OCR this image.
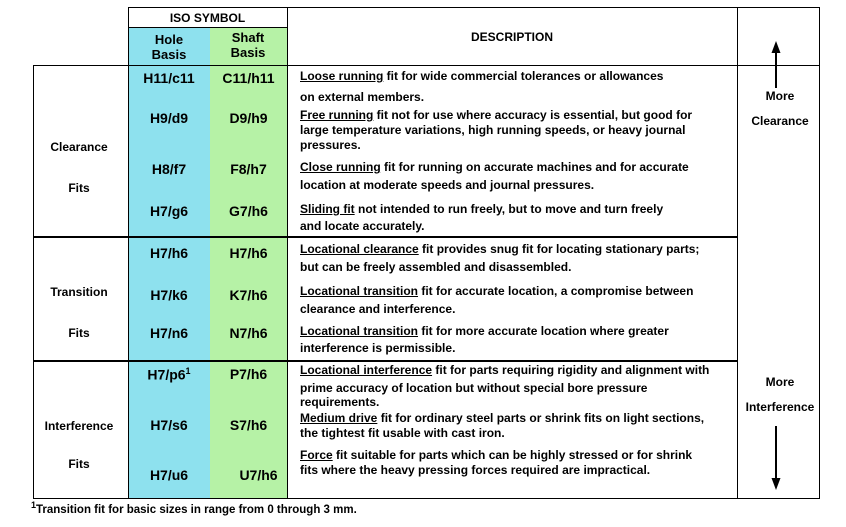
ISO SYMBOL
Hole Basis
Shaft Basis
DESCRIPTION
Clearance
Fits
Transition
Fits
Interference
Fits
H11/c11
H9/d9
H8/f7
H7/g6
H7/h6
H7/k6
H7/n6
$H7/p6^1$
H7/s6
H7/u6
C11/h11
D9/h9
F8/h7
G7/h6
H7/h6
K7/h6
N7/h6
P7/h6
S7/h6
U7/h6
Loose running fit for wide commercial tolerances or allowances
on external members.
Free running fit not for use where accuracy is essential, but good for
large temperature variations, high running speeds, or heavy journal
pressures.
Close running fit for running on accurate machines and for accurate
location at moderate speeds and journal pressures.
Sliding fit not intended to run freely, but to move and turn freely
and locate accurately.
Locational clearance fit provides snug fit for locating stationary parts;
but can be freely assembled and disassembled.
Locational transition fit for accurate location, a compromise between
clearance and interference.
Locational transition fit for more accurate location where greater
interference is permissible.
Locational interference fit for parts requiring rigidity and alignment with
prime accuracy of location but without special bore pressure
requirements.
Medium drive fit for ordinary steel parts or shrink fits on light sections,
the tightest fit usable with cast iron.
Force fit suitable for parts which can be highly stressed or for shrink
fits where the heavy pressing forces required are impractical.
More
Clearance
More
Interference
$^1$Transition fit for basic sizes in range from 0 through 3 mm.
